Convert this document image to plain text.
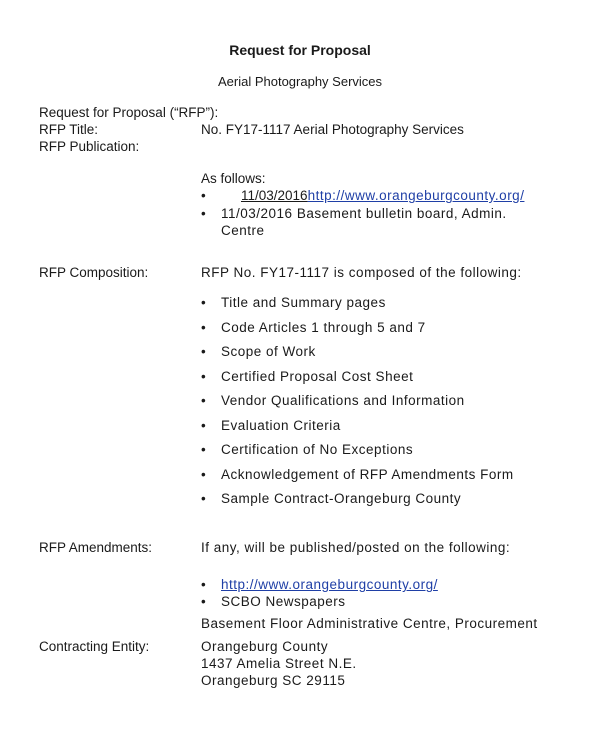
Request for Proposal
Aerial Photography Services
Request for Proposal (“RFP”):
RFP Title:	No. FY17-1117 Aerial Photography Services
RFP Publication:
As follows:
• 11/03/2016http://www.orangeburgcounty.org/
• 11/03/2016 Basement bulletin board, Admin.
Centre
RFP Composition:	RFP No. FY17-1117 is composed of the following:
• Title and Summary pages
• Code Articles 1 through 5 and 7
• Scope of Work
• Certified Proposal Cost Sheet
• Vendor Qualifications and Information
• Evaluation Criteria
• Certification of No Exceptions
• Acknowledgement of RFP Amendments Form
• Sample Contract-Orangeburg County
RFP Amendments:	If any, will be published/posted on the following:
• http://www.orangeburgcounty.org/
• SCBO Newspapers
Basement Floor Administrative Centre, Procurement
Contracting Entity:	Orangeburg County
1437 Amelia Street N.E.
Orangeburg SC 29115
